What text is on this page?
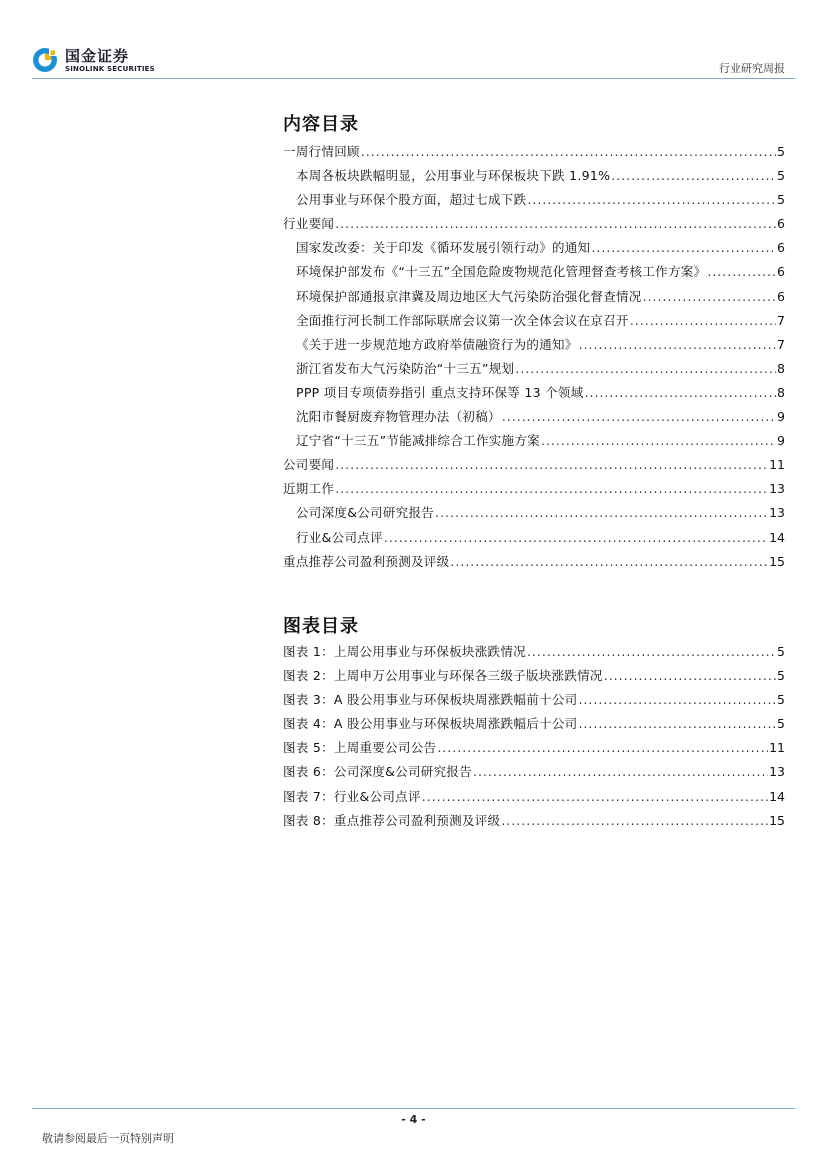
国金证券
SINOLINK SECURITIES	行业研究周报
内容目录
一周行情回顾 .....	5
本周各板块跌幅明显，公用事业与环保板块下跌 1.91% .....	5
公用事业与环保个股方面，超过七成下跌 .....	5
行业要闻 .....	6
国家发改委：关于印发《循环发展引领行动》的通知 .....	6
环境保护部发布《“十三五”全国危险废物规范化管理督查考核工作方案》 .....	6
环境保护部通报京津冀及周边地区大气污染防治强化督查情况 .....	6
全面推行河长制工作部际联席会议第一次全体会议在京召开 .....	7
《关于进一步规范地方政府举债融资行为的通知》 .....	7
浙江省发布大气污染防治“十三五”规划 .....	8
PPP 项目专项债券指引 重点支持环保等 13 个领域 .....	8
沈阳市餐厨废弃物管理办法（初稿） .....	9
辽宁省“十三五”节能减排综合工作实施方案 .....	9
公司要闻 .....	11
近期工作 .....	13
公司深度&公司研究报告 .....	13
行业&公司点评 .....	14
重点推荐公司盈利预测及评级 .....	15
图表目录
图表 1：上周公用事业与环保板块涨跌情况 .....	5
图表 2：上周申万公用事业与环保各三级子版块涨跌情况 .....	5
图表 3：A 股公用事业与环保板块周涨跌幅前十公司 .....	5
图表 4：A 股公用事业与环保板块周涨跌幅后十公司 .....	5
图表 5：上周重要公司公告 .....	11
图表 6：公司深度&公司研究报告 .....	13
图表 7：行业&公司点评 .....	14
图表 8：重点推荐公司盈利预测及评级 .....	15
- 4 -
敬请参阅最后一页特别声明
